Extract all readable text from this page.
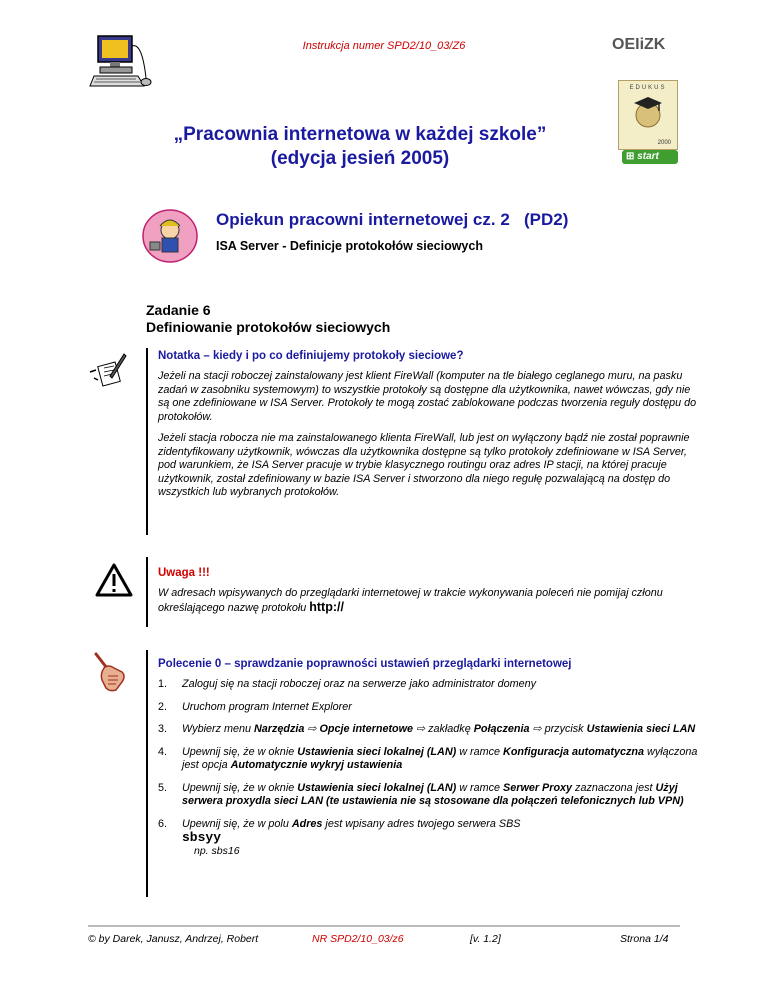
Instrukcja numer SPD2/10_03/Z6	OEIiZK
„Pracownia internetowa w każdej szkole”
(edycja jesień 2005)
EDUKUS
2000
⊞ start
Opiekun pracowni internetowej cz. 2 (PD2)
ISA Server - Definicje protokołów sieciowych
Zadanie 6
Definiowanie protokołów sieciowych
Notatka – kiedy i po co definiujemy protokoły sieciowe?
Jeżeli na stacji roboczej zainstalowany jest klient FireWall (komputer na tle białego ceglanego muru, na pasku zadań w zasobniku systemowym) to wszystkie protokoły są dostępne dla użytkownika, nawet wówczas, gdy nie są one zdefiniowane w ISA Server. Protokoły te mogą zostać zablokowane podczas tworzenia reguły dostępu do protokołów.
Jeżeli stacja robocza nie ma zainstalowanego klienta FireWall, lub jest on wyłączony bądź nie został poprawnie zidentyfikowany użytkownik, wówczas dla użytkownika dostępne są tylko protokoły zdefiniowane w ISA Server, pod warunkiem, że ISA Server pracuje w trybie klasycznego routingu oraz adres IP stacji, na której pracuje użytkownik, został zdefiniowany w bazie ISA Server i stworzono dla niego regułę pozwalającą na dostęp do wszystkich lub wybranych protokołów.
Uwaga !!!
W adresach wpisywanych do przeglądarki internetowej w trakcie wykonywania poleceń nie pomijaj członu określającego nazwę protokołu http://
Polecenie 0 – sprawdzanie poprawności ustawień przeglądarki internetowej
1. Zaloguj się na stacji roboczej oraz na serwerze jako administrator domeny
2. Uruchom program Internet Explorer
3. Wybierz menu Narzędzia ⇨ Opcje internetowe ⇨ zakładkę Połączenia ⇨ przycisk Ustawienia sieci LAN
4. Upewnij się, że w oknie Ustawienia sieci lokalnej (LAN) w ramce Konfiguracja automatyczna wyłączona jest opcja Automatycznie wykryj ustawienia
5. Upewnij się, że w oknie Ustawienia sieci lokalnej (LAN) w ramce Serwer Proxy zaznaczona jest Użyj serwera proxydla sieci LAN (te ustawienia nie są stosowane dla połączeń telefonicznych lub VPN)
6. Upewnij się, że w polu Adres jest wpisany adres twojego serwera SBS
sbsyy
np. sbs16
© by Darek, Janusz, Andrzej, Robert	NR SPD2/10_03/z6	[v. 1.2]	Strona 1/4
